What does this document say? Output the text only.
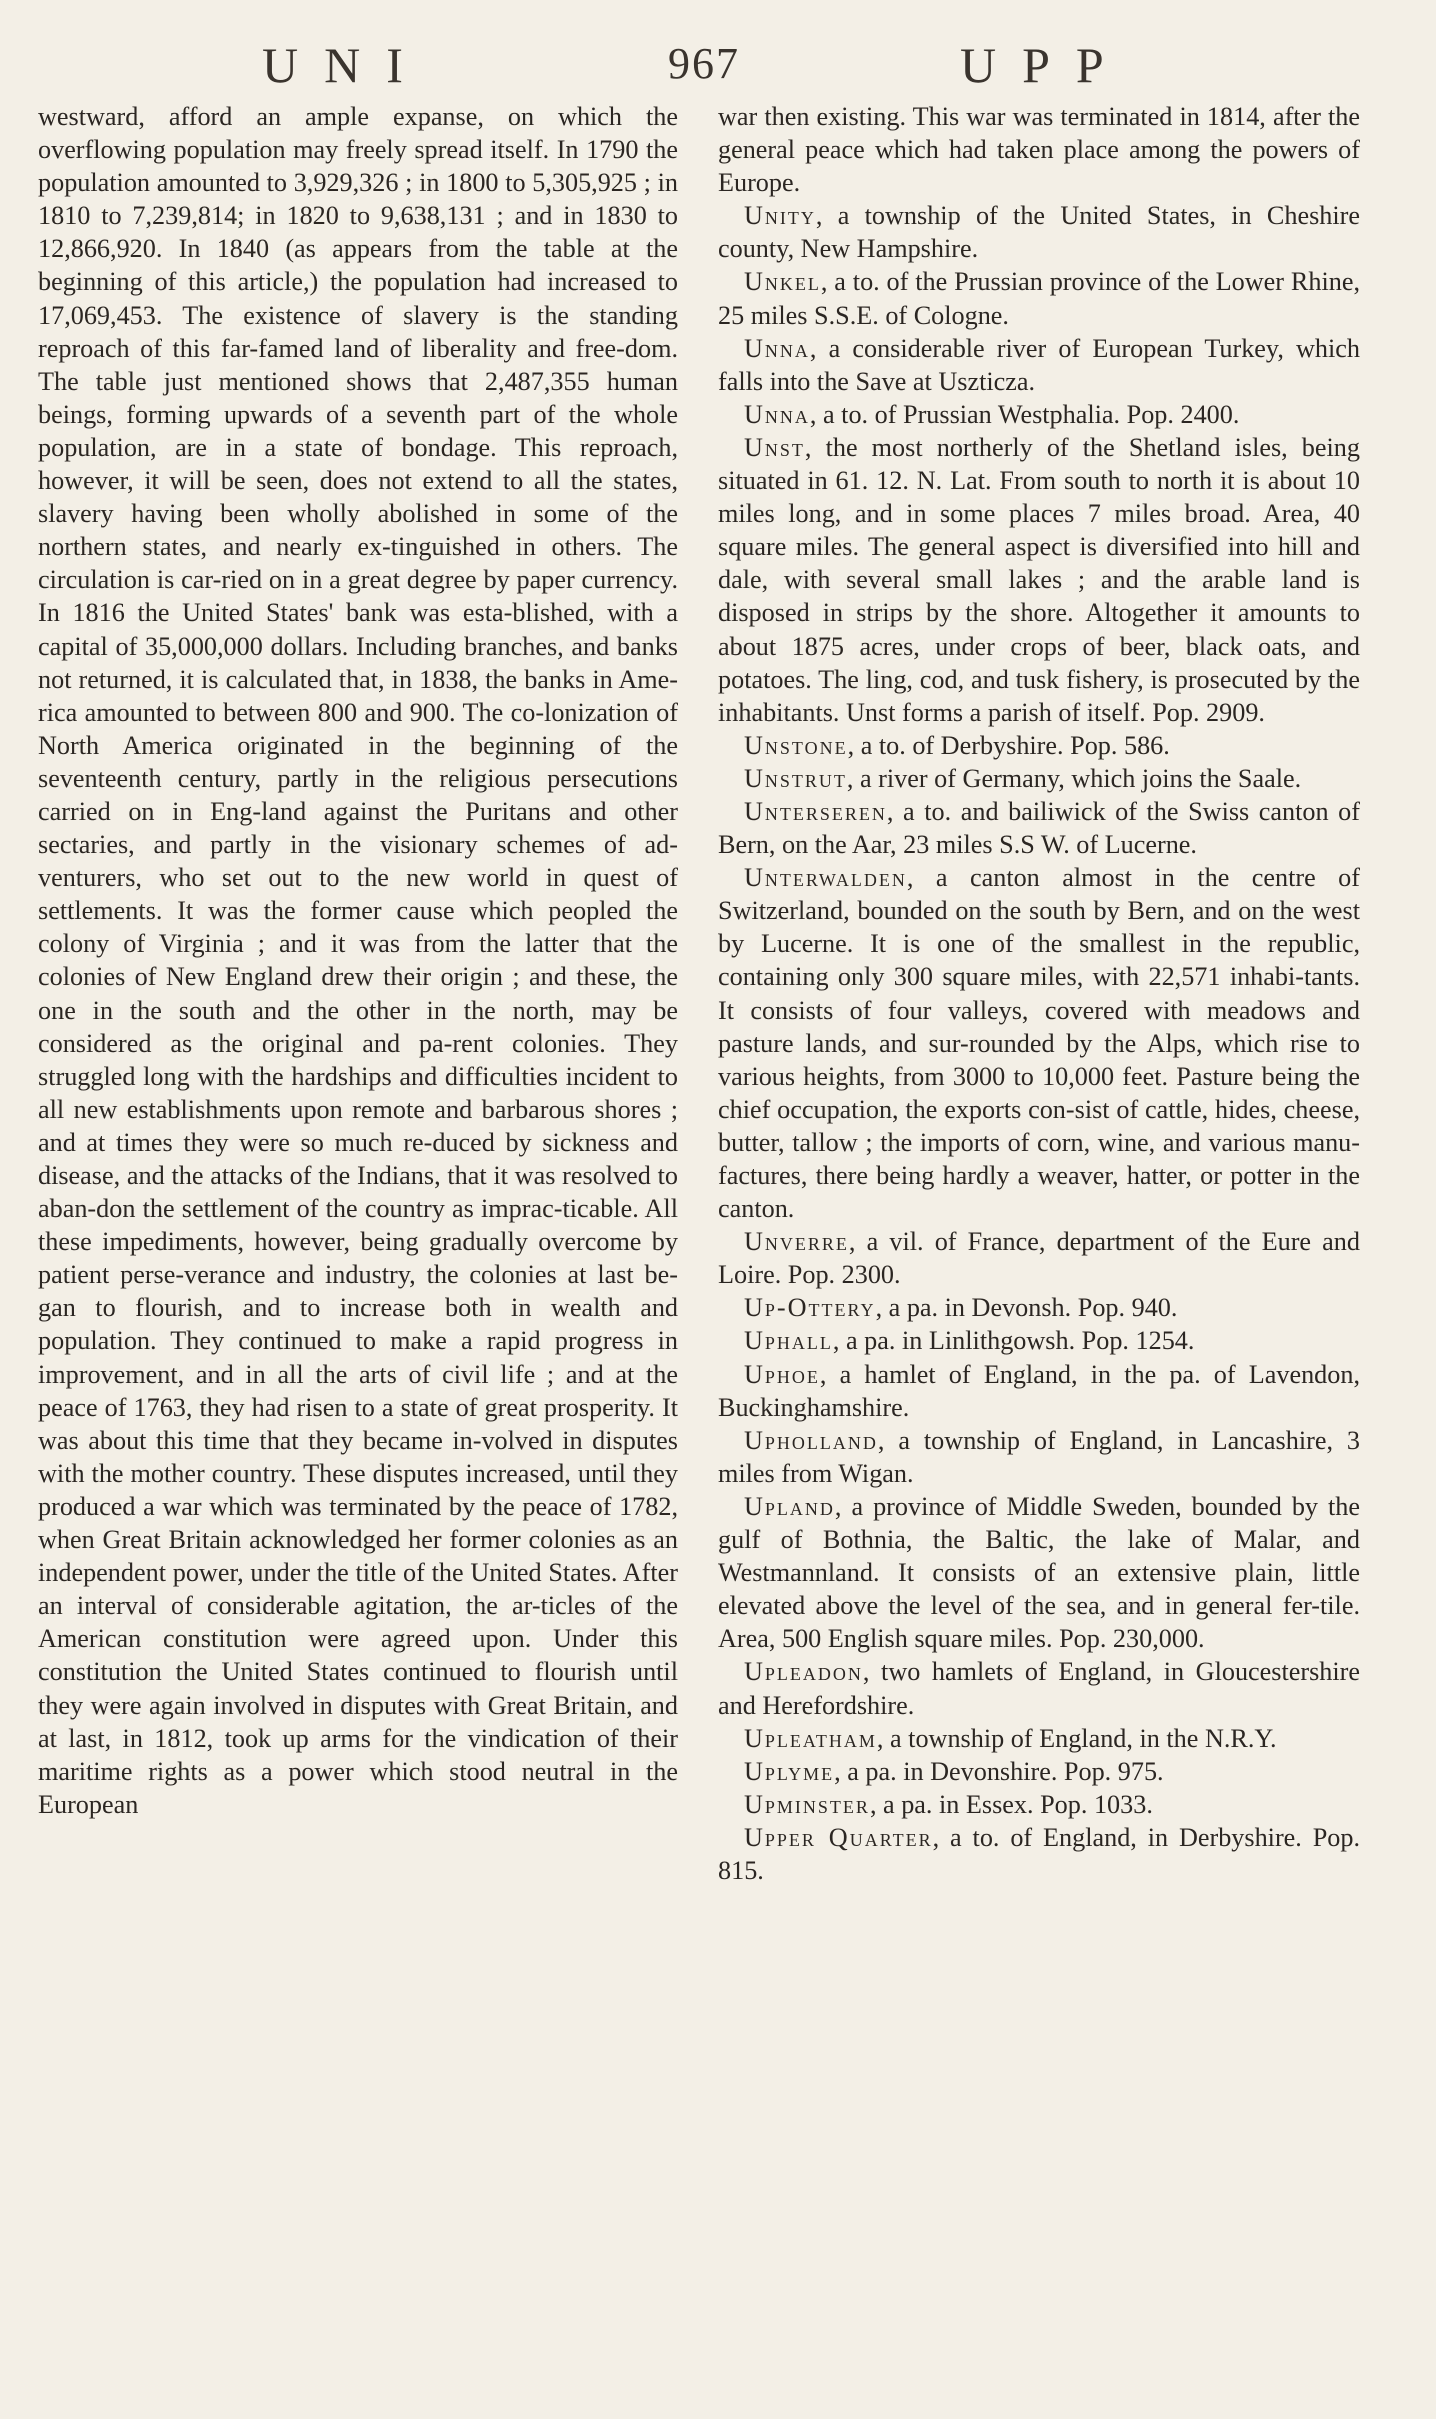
UNI	967	UPP

westward, afford an ample expanse, on which the overflowing population may freely spread itself. In 1790 the population amounted to 3,929,326 ; in 1800 to 5,305,925 ; in 1810 to 7,239,814; in 1820 to 9,638,131 ; and in 1830 to 12,866,920. In 1840 (as appears from the table at the beginning of this article,) the population had increased to 17,069,453. The existence of slavery is the standing reproach of this far-famed land of liberality and free-dom. The table just mentioned shows that 2,487,355 human beings, forming upwards of a seventh part of the whole population, are in a state of bondage. This reproach, however, it will be seen, does not extend to all the states, slavery having been wholly abolished in some of the northern states, and nearly ex-tinguished in others. The circulation is car-ried on in a great degree by paper currency. In 1816 the United States' bank was esta-blished, with a capital of 35,000,000 dollars. Including branches, and banks not returned, it is calculated that, in 1838, the banks in Ame-rica amounted to between 800 and 900. The co-lonization of North America originated in the beginning of the seventeenth century, partly in the religious persecutions carried on in Eng-land against the Puritans and other sectaries, and partly in the visionary schemes of ad-venturers, who set out to the new world in quest of settlements. It was the former cause which peopled the colony of Virginia ; and it was from the latter that the colonies of New England drew their origin ; and these, the one in the south and the other in the north, may be considered as the original and pa-rent colonies. They struggled long with the hardships and difficulties incident to all new establishments upon remote and barbarous shores ; and at times they were so much re-duced by sickness and disease, and the attacks of the Indians, that it was resolved to aban-don the settlement of the country as imprac-ticable. All these impediments, however, being gradually overcome by patient perse-verance and industry, the colonies at last be-gan to flourish, and to increase both in wealth and population. They continued to make a rapid progress in improvement, and in all the arts of civil life ; and at the peace of 1763, they had risen to a state of great prosperity. It was about this time that they became in-volved in disputes with the mother country. These disputes increased, until they produced a war which was terminated by the peace of 1782, when Great Britain acknowledged her former colonies as an independent power, under the title of the United States. After an interval of considerable agitation, the ar-ticles of the American constitution were agreed upon. Under this constitution the United States continued to flourish until they were again involved in disputes with Great Britain, and at last, in 1812, took up arms for the vindication of their maritime rights as a power which stood neutral in the European

war then existing. This war was terminated in 1814, after the general peace which had taken place among the powers of Europe.

Unity, a township of the United States, in Cheshire county, New Hampshire.

Unkel, a to. of the Prussian province of the Lower Rhine, 25 miles S.S.E. of Cologne.

Unna, a considerable river of European Turkey, which falls into the Save at Uszticza.

Unna, a to. of Prussian Westphalia. Pop. 2400.

Unst, the most northerly of the Shetland isles, being situated in 61. 12. N. Lat. From south to north it is about 10 miles long, and in some places 7 miles broad. Area, 40 square miles. The general aspect is diversified into hill and dale, with several small lakes ; and the arable land is disposed in strips by the shore. Altogether it amounts to about 1875 acres, under crops of beer, black oats, and potatoes. The ling, cod, and tusk fishery, is prosecuted by the inhabitants. Unst forms a parish of itself. Pop. 2909.

Unstone, a to. of Derbyshire. Pop. 586.

Unstrut, a river of Germany, which joins the Saale.

Unterseren, a to. and bailiwick of the Swiss canton of Bern, on the Aar, 23 miles S.S W. of Lucerne.

Unterwalden, a canton almost in the centre of Switzerland, bounded on the south by Bern, and on the west by Lucerne. It is one of the smallest in the republic, containing only 300 square miles, with 22,571 inhabi-tants. It consists of four valleys, covered with meadows and pasture lands, and sur-rounded by the Alps, which rise to various heights, from 3000 to 10,000 feet. Pasture being the chief occupation, the exports con-sist of cattle, hides, cheese, butter, tallow ; the imports of corn, wine, and various manu-factures, there being hardly a weaver, hatter, or potter in the canton.

Unverre, a vil. of France, department of the Eure and Loire. Pop. 2300.

Up-Ottery, a pa. in Devonsh. Pop. 940.

Uphall, a pa. in Linlithgowsh. Pop. 1254.

Uphoe, a hamlet of England, in the pa. of Lavendon, Buckinghamshire.

Upholland, a township of England, in Lancashire, 3 miles from Wigan.

Upland, a province of Middle Sweden, bounded by the gulf of Bothnia, the Baltic, the lake of Malar, and Westmannland. It consists of an extensive plain, little elevated above the level of the sea, and in general fer-tile. Area, 500 English square miles. Pop. 230,000.

Upleadon, two hamlets of England, in Gloucestershire and Herefordshire.

Upleatham, a township of England, in the N.R.Y.

Uplyme, a pa. in Devonshire. Pop. 975.

Upminster, a pa. in Essex. Pop. 1033.

Upper Quarter, a to. of England, in Derbyshire. Pop. 815.
